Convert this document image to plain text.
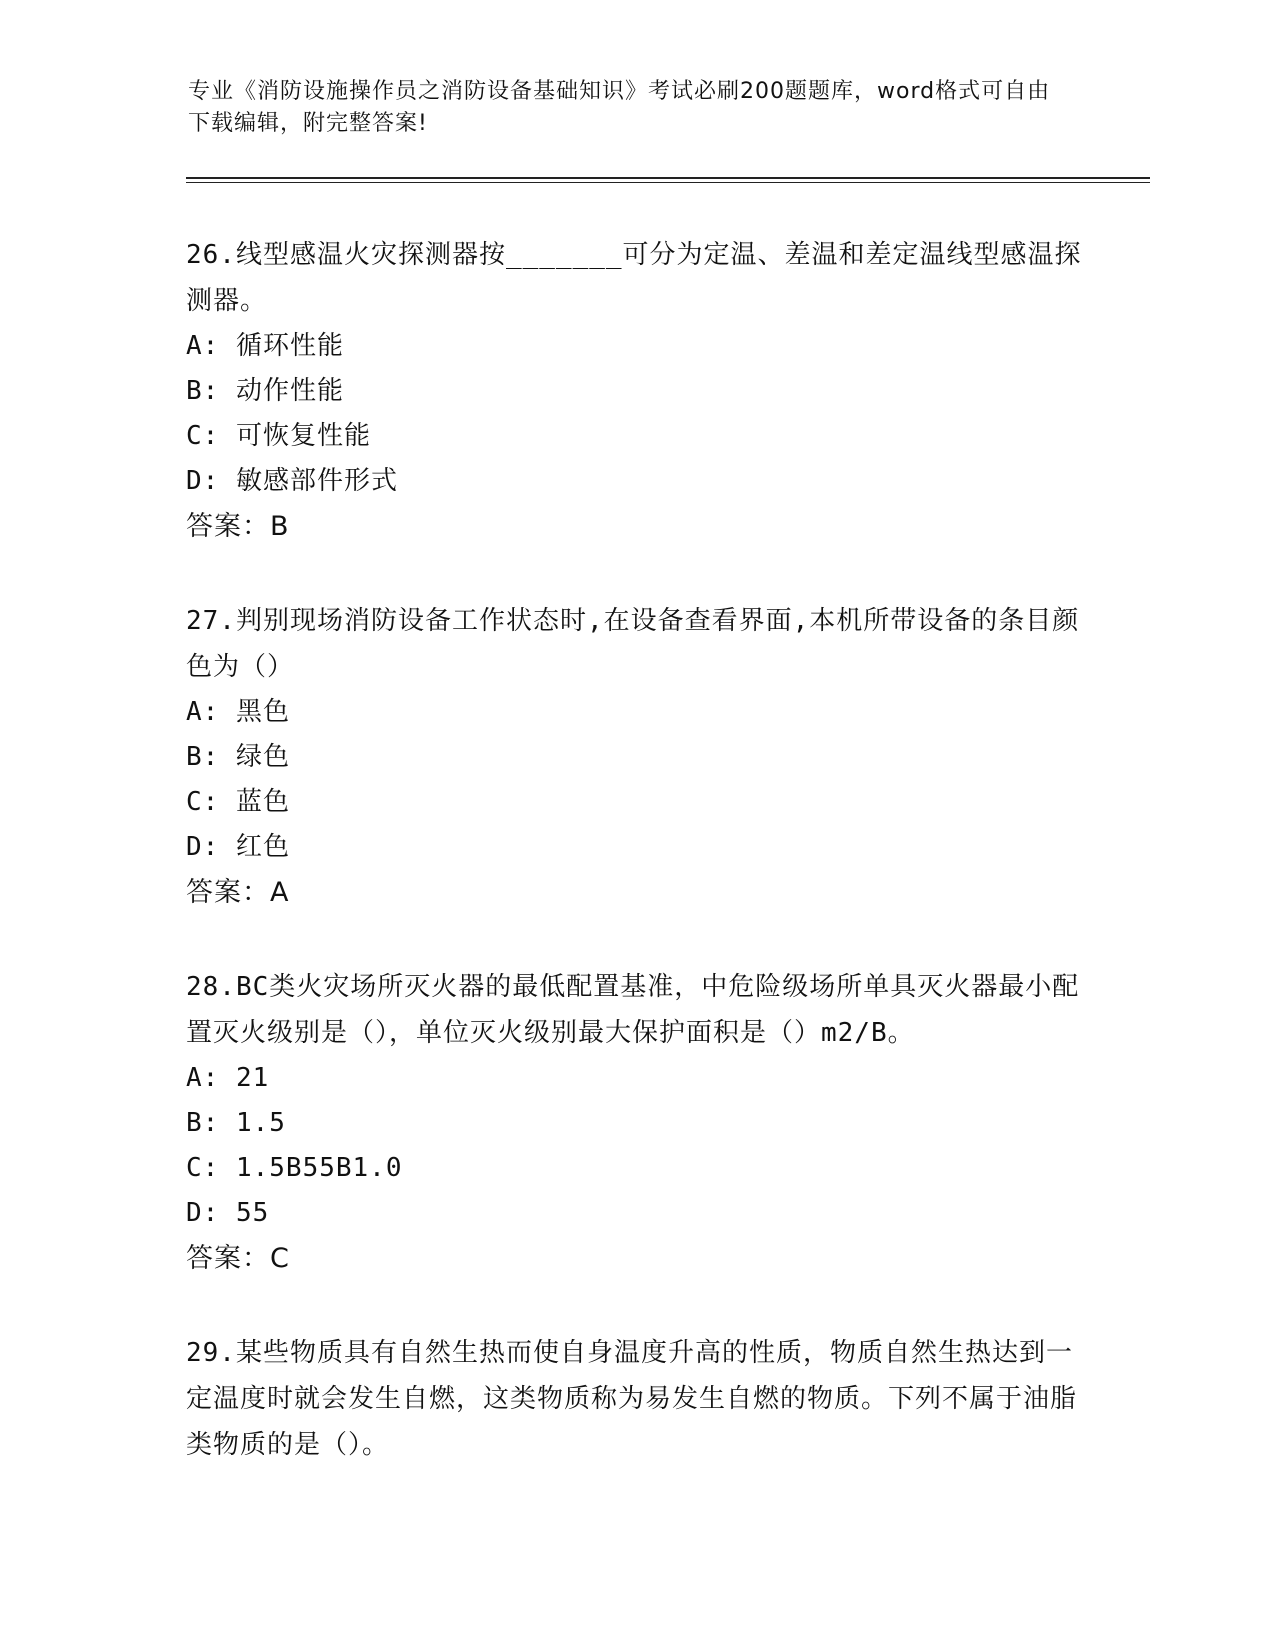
专业《消防设施操作员之消防设备基础知识》考试必刷200题题库，word格式可自由下载编辑，附完整答案!

26.线型感温火灾探测器按_______可分为定温、差温和差定温线型感温探测器。

A: 循环性能
B: 动作性能
C: 可恢复性能
D: 敏感部件形式
答案：B

27.判别现场消防设备工作状态时,在设备查看界面,本机所带设备的条目颜色为（）

A: 黑色
B: 绿色
C: 蓝色
D: 红色
答案：A

28.BC类火灾场所灭火器的最低配置基准，中危险级场所单具灭火器最小配置灭火级别是（），单位灭火级别最大保护面积是（）m2/B。

A: 21
B: 1.5
C: 1.5B55B1.0
D: 55
答案：C

29.某些物质具有自然生热而使自身温度升高的性质，物质自然生热达到一定温度时就会发生自燃，这类物质称为易发生自燃的物质。下列不属于油脂类物质的是（）。
